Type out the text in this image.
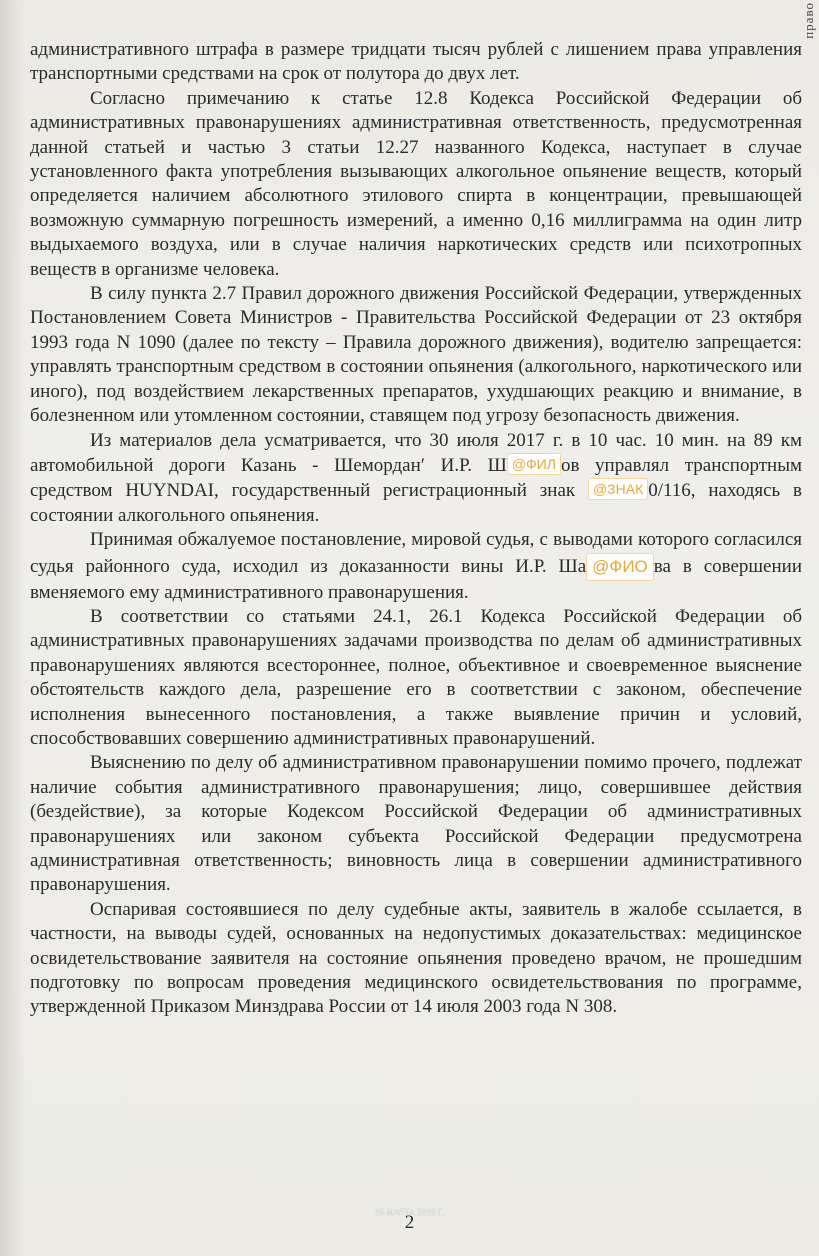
право

административного штрафа в размере тридцати тысяч рублей с лишением права управления транспортными средствами на срок от полутора до двух лет.

Согласно примечанию к статье 12.8 Кодекса Российской Федерации об административных правонарушениях административная ответственность, предусмотренная данной статьей и частью 3 статьи 12.27 названного Кодекса, наступает в случае установленного факта употребления вызывающих алкогольное опьянение веществ, который определяется наличием абсолютного этилового спирта в концентрации, превышающей возможную суммарную погрешность измерений, а именно 0,16 миллиграмма на один литр выдыхаемого воздуха, или в случае наличия наркотических средств или психотропных веществ в организме человека.

В силу пункта 2.7 Правил дорожного движения Российской Федерации, утвержденных Постановлением Совета Министров - Правительства Российской Федерации от 23 октября 1993 года N 1090 (далее по тексту – Правила дорожного движения), водителю запрещается: управлять транспортным средством в состоянии опьянения (алкогольного, наркотического или иного), под воздействием лекарственных препаратов, ухудшающих реакцию и внимание, в болезненном или утомленном состоянии, ставящем под угрозу безопасность движения.

Из материалов дела усматривается, что 30 июля 2017 г. в 10 час. 10 мин. на 89 км автомобильной дороги Казань - Шеморданʹ И.Р. Ш @ФИЛ ов управлял транспортным средством HUYNDAI, государственный регистрационный знак @ЗНАК 0/116, находясь в состоянии алкогольного опьянения.

Принимая обжалуемое постановление, мировой судья, с выводами которого согласился судья районного суда, исходил из доказанности вины И.Р. Ша @ФИО ва в совершении вменяемого ему административного правонарушения.

В соответствии со статьями 24.1, 26.1 Кодекса Российской Федерации об административных правонарушениях задачами производства по делам об административных правонарушениях являются всестороннее, полное, объективное и своевременное выяснение обстоятельств каждого дела, разрешение его в соответствии с законом, обеспечение исполнения вынесенного постановления, а также выявление причин и условий, способствовавших совершению административных правонарушений.

Выяснению по делу об административном правонарушении помимо прочего, подлежат наличие события административного правонарушения; лицо, совершившее действия (бездействие), за которые Кодексом Российской Федерации об административных правонарушениях или законом субъекта Российской Федерации предусмотрена административная ответственность; виновность лица в совершении административного правонарушения.

Оспаривая состоявшиеся по делу судебные акты, заявитель в жалобе ссылается, в частности, на выводы судей, основанных на недопустимых доказательствах: медицинское освидетельствование заявителя на состояние опьянения проведено врачом, не прошедшим подготовку по вопросам проведения медицинского освидетельствования по программе, утвержденной Приказом Минздрава России от 14 июля 2003 года N 308.

15 МАРТА 2018 Г.
2
